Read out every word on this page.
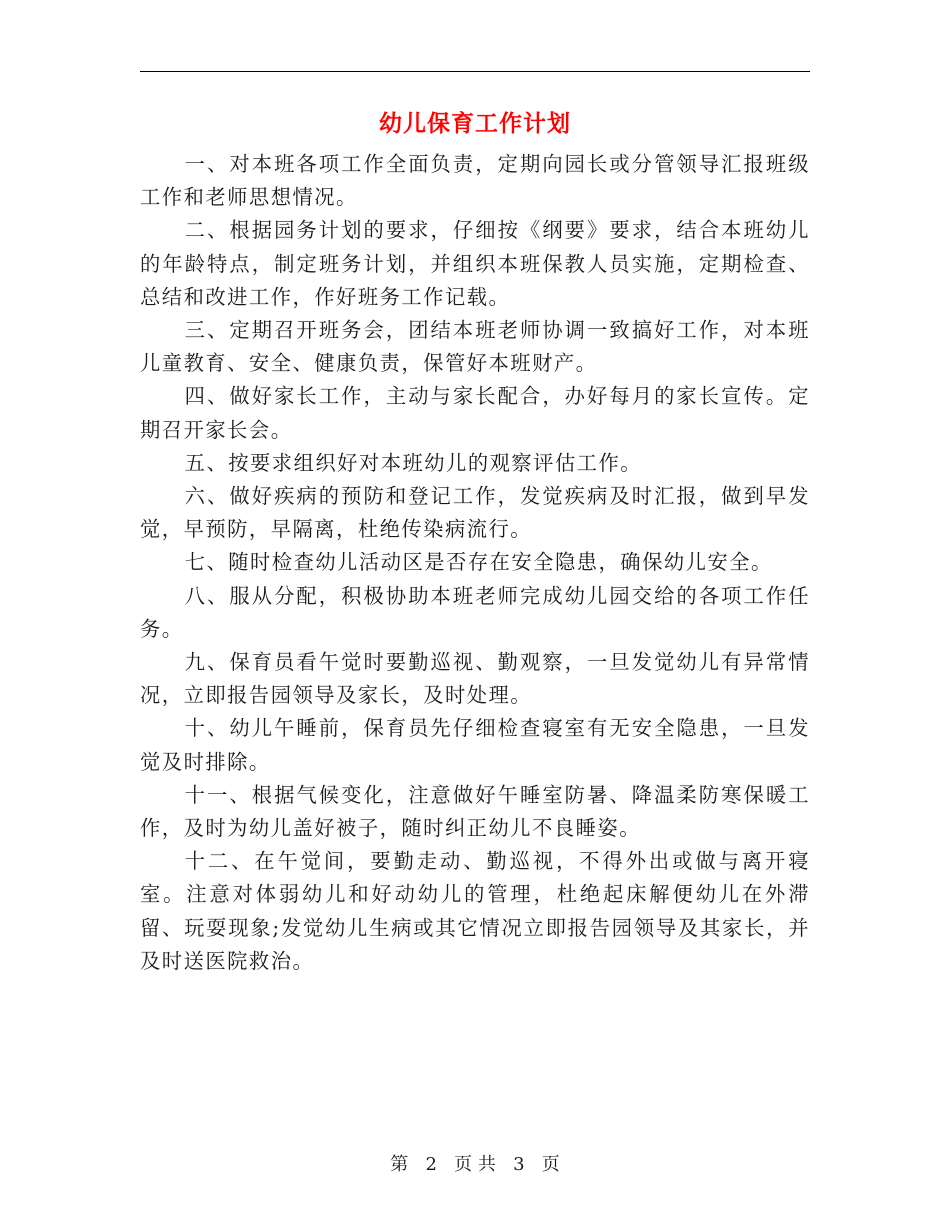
幼儿保育工作计划

一、对本班各项工作全面负责，定期向园长或分管领导汇报班级工作和老师思想情况。

二、根据园务计划的要求，仔细按《纲要》要求，结合本班幼儿的年龄特点，制定班务计划，并组织本班保教人员实施，定期检查、总结和改进工作，作好班务工作记载。

三、定期召开班务会，团结本班老师协调一致搞好工作，对本班儿童教育、安全、健康负责，保管好本班财产。

四、做好家长工作，主动与家长配合，办好每月的家长宣传。定期召开家长会。

五、按要求组织好对本班幼儿的观察评估工作。

六、做好疾病的预防和登记工作，发觉疾病及时汇报，做到早发觉，早预防，早隔离，杜绝传染病流行。

七、随时检查幼儿活动区是否存在安全隐患，确保幼儿安全。

八、服从分配，积极协助本班老师完成幼儿园交给的各项工作任务。

九、保育员看午觉时要勤巡视、勤观察，一旦发觉幼儿有异常情况，立即报告园领导及家长，及时处理。

十、幼儿午睡前，保育员先仔细检查寝室有无安全隐患，一旦发觉及时排除。

十一、根据气候变化，注意做好午睡室防暑、降温柔防寒保暖工作，及时为幼儿盖好被子，随时纠正幼儿不良睡姿。

十二、在午觉间，要勤走动、勤巡视，不得外出或做与离开寝室。注意对体弱幼儿和好动幼儿的管理，杜绝起床解便幼儿在外滞留、玩耍现象;发觉幼儿生病或其它情况立即报告园领导及其家长，并及时送医院救治。

第 2 页 共 3 页
